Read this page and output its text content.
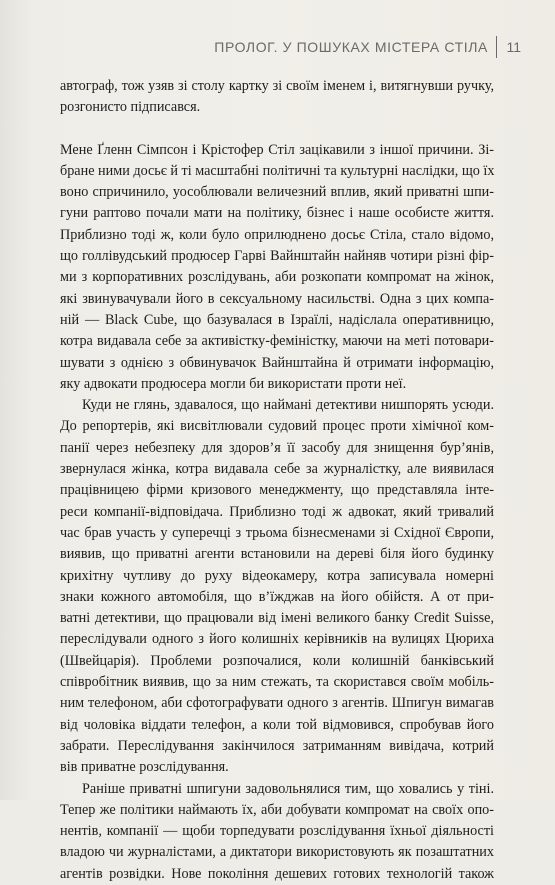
ПРОЛОГ. У ПОШУКАХ МІСТЕРА СТІЛА 11

автограф, тож узяв зі столу картку зі своїм іменем і, витягнувши ручку,
розгонисто підписався.

Мене Ґленн Сімпсон і Крістофер Стіл зацікавили з іншої причини. Зі-
бране ними досьє й ті масштабні політичні та культурні наслідки, що їх
воно спричинило, уособлювали величезний вплив, який приватні шпи-
гуни раптово почали мати на політику, бізнес і наше особисте життя.
Приблизно тоді ж, коли було оприлюднено досьє Стіла, стало відомо,
що голлівудський продюсер Гарві Вайнштайн найняв чотири різні фір-
ми з корпоративних розслідувань, аби розкопати компромат на жінок,
які звинувачували його в сексуальному насильстві. Одна з цих компа-
ній — Black Cube, що базувалася в Ізраїлі, надіслала оперативницю,
котра видавала себе за активістку-феміністку, маючи на меті потовари-
шувати з однією з обвинувачок Вайнштайна й отримати інформацію,
яку адвокати продюсера могли би використати проти неї.

Куди не глянь, здавалося, що наймані детективи нишпорять усюди.
До репортерів, які висвітлювали судовий процес проти хімічної ком-
панії через небезпеку для здоров’я її засобу для знищення бур’янів,
звернулася жінка, котра видавала себе за журналістку, але виявилася
працівницею фірми кризового менеджменту, що представляла інте-
реси компанії-відповідача. Приблизно тоді ж адвокат, який тривалий
час брав участь у суперечці з трьома бізнесменами зі Східної Європи,
виявив, що приватні агенти встановили на дереві біля його будинку
крихітну чутливу до руху відеокамеру, котра записувала номерні
знаки кожного автомобіля, що в’їжджав на його обійстя. А от при-
ватні детективи, що працювали від імені великого банку Credit Suisse,
переслідували одного з його колишніх керівників на вулицях Цюриха
(Швейцарія). Проблеми розпочалися, коли колишній банківський
співробітник виявив, що за ним стежать, та скористався своїм мобіль-
ним телефоном, аби сфотографувати одного з агентів. Шпигун вимагав
від чоловіка віддати телефон, а коли той відмовився, спробував його
забрати. Переслідування закінчилося затриманням вивідача, котрий
вів приватне розслідування.

Раніше приватні шпигуни задовольнялися тим, що ховались у тіні.
Тепер же політики наймають їх, аби добувати компромат на своїх опо-
нентів, компанії — щоби торпедувати розслідування їхньої діяльності
владою чи журналістами, а диктатори використовують як позаштатних
агентів розвідки. Нове покоління дешевих готових технологій також
